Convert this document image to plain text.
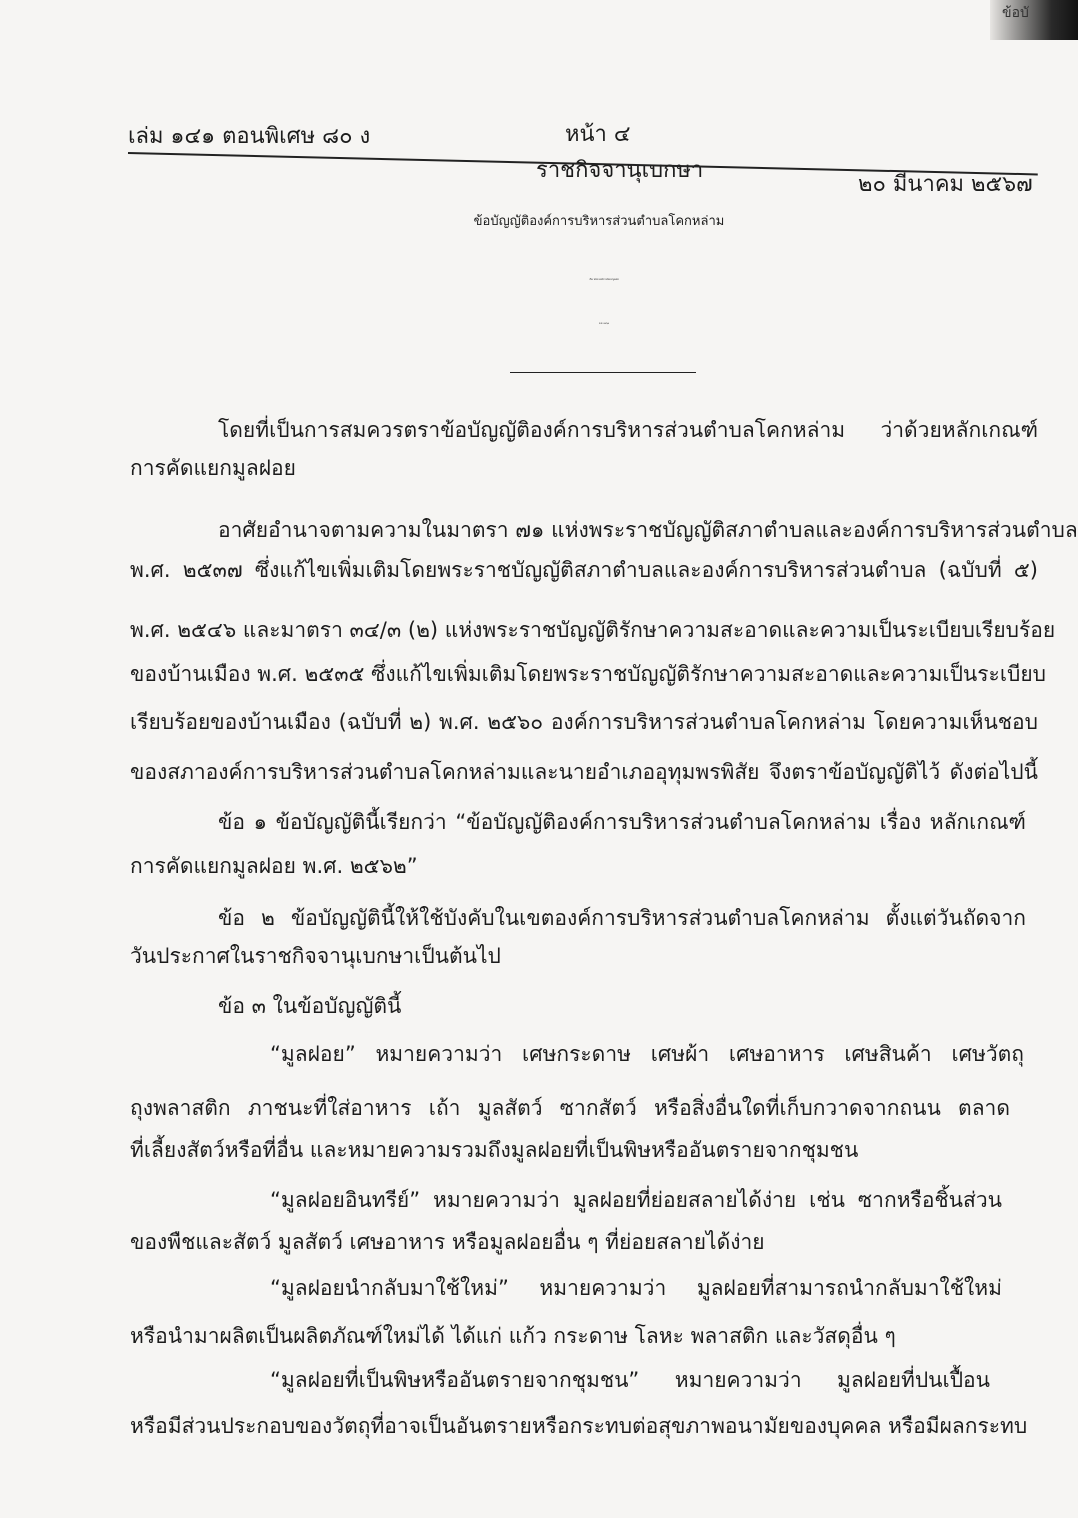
ข้อบั
เล่ม ๑๔๑ ตอนพิเศษ ๘๐ ง	หน้า ๔
ราชกิจจานุเบกษา
๒๐ มีนาคม ๒๕๖๗
ข้อบัญญัติองค์การบริหารส่วนตำบลโคกหล่าม
เรื่อง หลักเกณฑ์การคัดแยกมูลฝอย
พ.ศ. ๒๕๖๒
โดยที่เป็นการสมควรตราข้อบัญญัติองค์การบริหารส่วนตำบลโคกหล่าม ว่าด้วยหลักเกณฑ์
การคัดแยกมูลฝอย
อาศัยอำนาจตามความในมาตรา ๗๑ แห่งพระราชบัญญัติสภาตำบลและองค์การบริหารส่วนตำบล
พ.ศ. ๒๕๓๗ ซึ่งแก้ไขเพิ่มเติมโดยพระราชบัญญัติสภาตำบลและองค์การบริหารส่วนตำบล (ฉบับที่ ๕)
พ.ศ. ๒๕๔๖ และมาตรา ๓๔/๓ (๒) แห่งพระราชบัญญัติรักษาความสะอาดและความเป็นระเบียบเรียบร้อย
ของบ้านเมือง พ.ศ. ๒๕๓๕ ซึ่งแก้ไขเพิ่มเติมโดยพระราชบัญญัติรักษาความสะอาดและความเป็นระเบียบ
เรียบร้อยของบ้านเมือง (ฉบับที่ ๒) พ.ศ. ๒๕๖๐ องค์การบริหารส่วนตำบลโคกหล่าม โดยความเห็นชอบ
ของสภาองค์การบริหารส่วนตำบลโคกหล่ามและนายอำเภออุทุมพรพิสัย จึงตราข้อบัญญัติไว้ ดังต่อไปนี้
ข้อ ๑ ข้อบัญญัตินี้เรียกว่า “ข้อบัญญัติองค์การบริหารส่วนตำบลโคกหล่าม เรื่อง หลักเกณฑ์
การคัดแยกมูลฝอย พ.ศ. ๒๕๖๒”
ข้อ ๒ ข้อบัญญัตินี้ให้ใช้บังคับในเขตองค์การบริหารส่วนตำบลโคกหล่าม ตั้งแต่วันถัดจาก
วันประกาศในราชกิจจานุเบกษาเป็นต้นไป
ข้อ ๓ ในข้อบัญญัตินี้
“มูลฝอย” หมายความว่า เศษกระดาษ เศษผ้า เศษอาหาร เศษสินค้า เศษวัตถุ
ถุงพลาสติก ภาชนะที่ใส่อาหาร เถ้า มูลสัตว์ ซากสัตว์ หรือสิ่งอื่นใดที่เก็บกวาดจากถนน ตลาด
ที่เลี้ยงสัตว์หรือที่อื่น และหมายความรวมถึงมูลฝอยที่เป็นพิษหรืออันตรายจากชุมชน
“มูลฝอยอินทรีย์” หมายความว่า มูลฝอยที่ย่อยสลายได้ง่าย เช่น ซากหรือชิ้นส่วน
ของพืชและสัตว์ มูลสัตว์ เศษอาหาร หรือมูลฝอยอื่น ๆ ที่ย่อยสลายได้ง่าย
“มูลฝอยนำกลับมาใช้ใหม่” หมายความว่า มูลฝอยที่สามารถนำกลับมาใช้ใหม่
หรือนำมาผลิตเป็นผลิตภัณฑ์ใหม่ได้ ได้แก่ แก้ว กระดาษ โลหะ พลาสติก และวัสดุอื่น ๆ
“มูลฝอยที่เป็นพิษหรืออันตรายจากชุมชน” หมายความว่า มูลฝอยที่ปนเปื้อน
หรือมีส่วนประกอบของวัตถุที่อาจเป็นอันตรายหรือกระทบต่อสุขภาพอนามัยของบุคคล หรือมีผลกระทบ
